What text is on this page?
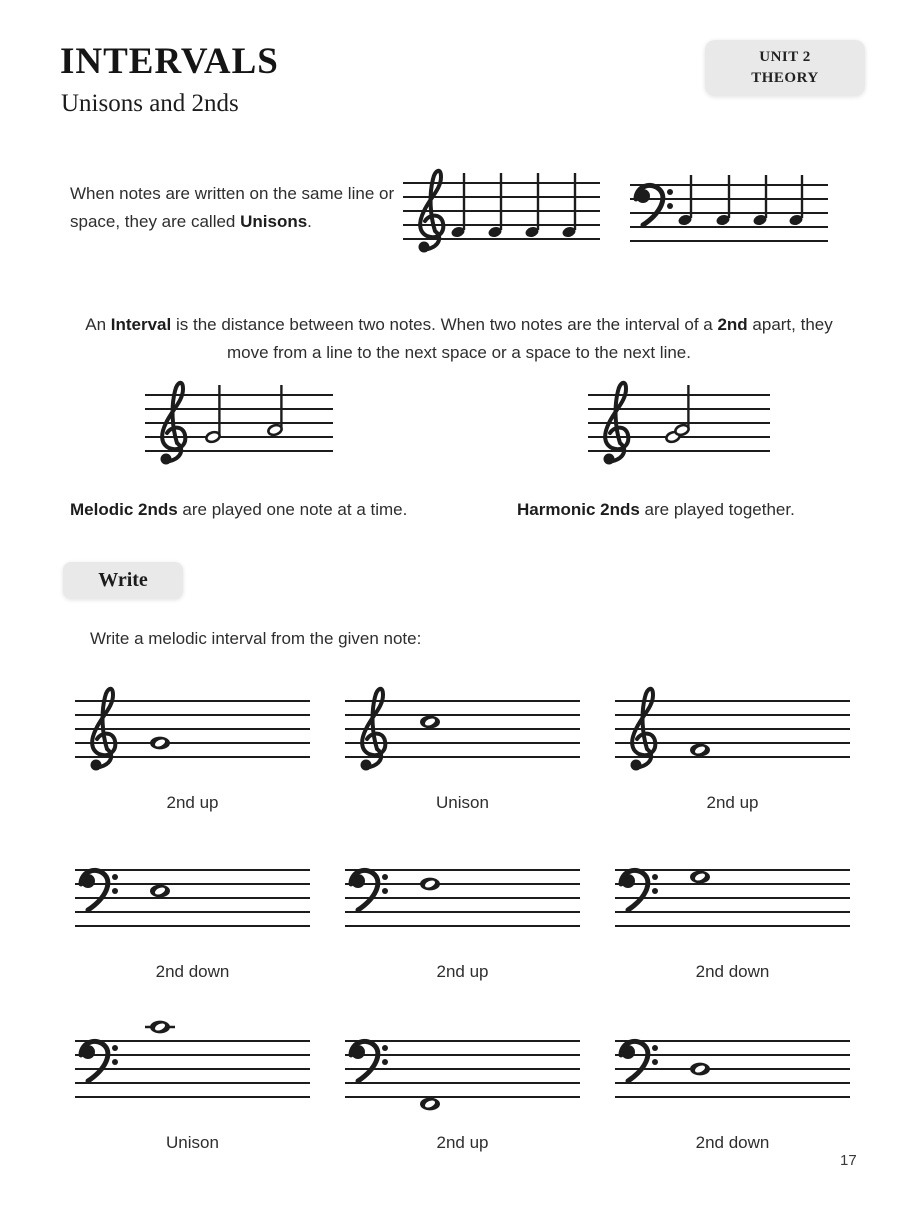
INTERVALS
Unisons and 2nds
UNIT 2
THEORY
When notes are written on the same line or space, they are called Unisons.
An Interval is the distance between two notes. When two notes are the interval of a 2nd apart, they move from a line to the next space or a space to the next line.
Melodic 2nds are played one note at a time.	Harmonic 2nds are played together.
Write
Write a melodic interval from the given note:
2nd up	Unison	2nd up
2nd down	2nd up	2nd down
Unison	2nd up	2nd down
17
